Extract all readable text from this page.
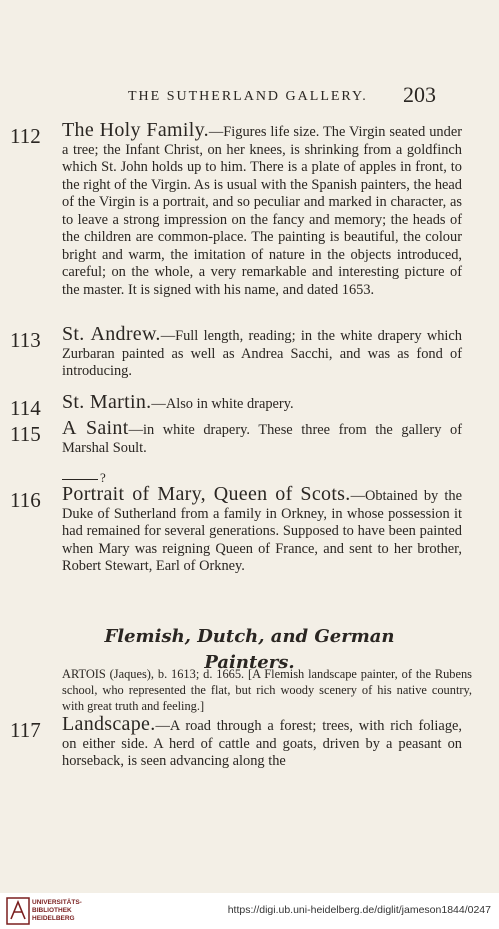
THE SUTHERLAND GALLERY. 203
112 The Holy Family.—Figures life size. The Virgin seated under a tree; the Infant Christ, on her knees, is shrinking from a goldfinch which St. John holds up to him. There is a plate of apples in front, to the right of the Virgin. As is usual with the Spanish painters, the head of the Virgin is a portrait, and so peculiar and marked in character, as to leave a strong impression on the fancy and memory; the heads of the children are common-place. The painting is beautiful, the colour bright and warm, the imitation of nature in the objects introduced, careful; on the whole, a very remarkable and interesting picture of the master. It is signed with his name, and dated 1653.
113 St. Andrew.—Full length, reading; in the white drapery which Zurbaran painted as well as Andrea Sacchi, and was as fond of introducing.
114 St. Martin.—Also in white drapery.
115 A Saint—in white drapery. These three from the gallery of Marshal Soult.
?
116 Portrait of Mary, Queen of Scots.—Obtained by the Duke of Sutherland from a family in Orkney, in whose possession it had remained for several generations. Supposed to have been painted when Mary was reigning Queen of France, and sent to her brother, Robert Stewart, Earl of Orkney.
Flemish, Dutch, and German
Painters.
ARTOIS (Jaques), b. 1613; d. 1665. [A Flemish landscape painter, of the Rubens school, who represented the flat, but rich woody scenery of his native country, with great truth and feeling.]
117 Landscape.—A road through a forest; trees, with rich foliage, on either side. A herd of cattle and goats, driven by a peasant on horseback, is seen advancing along the
UNIVERSITÄTS-
BIBLIOTHEK
HEIDELBERG
https://digi.ub.uni-heidelberg.de/diglit/jameson1844/0247
